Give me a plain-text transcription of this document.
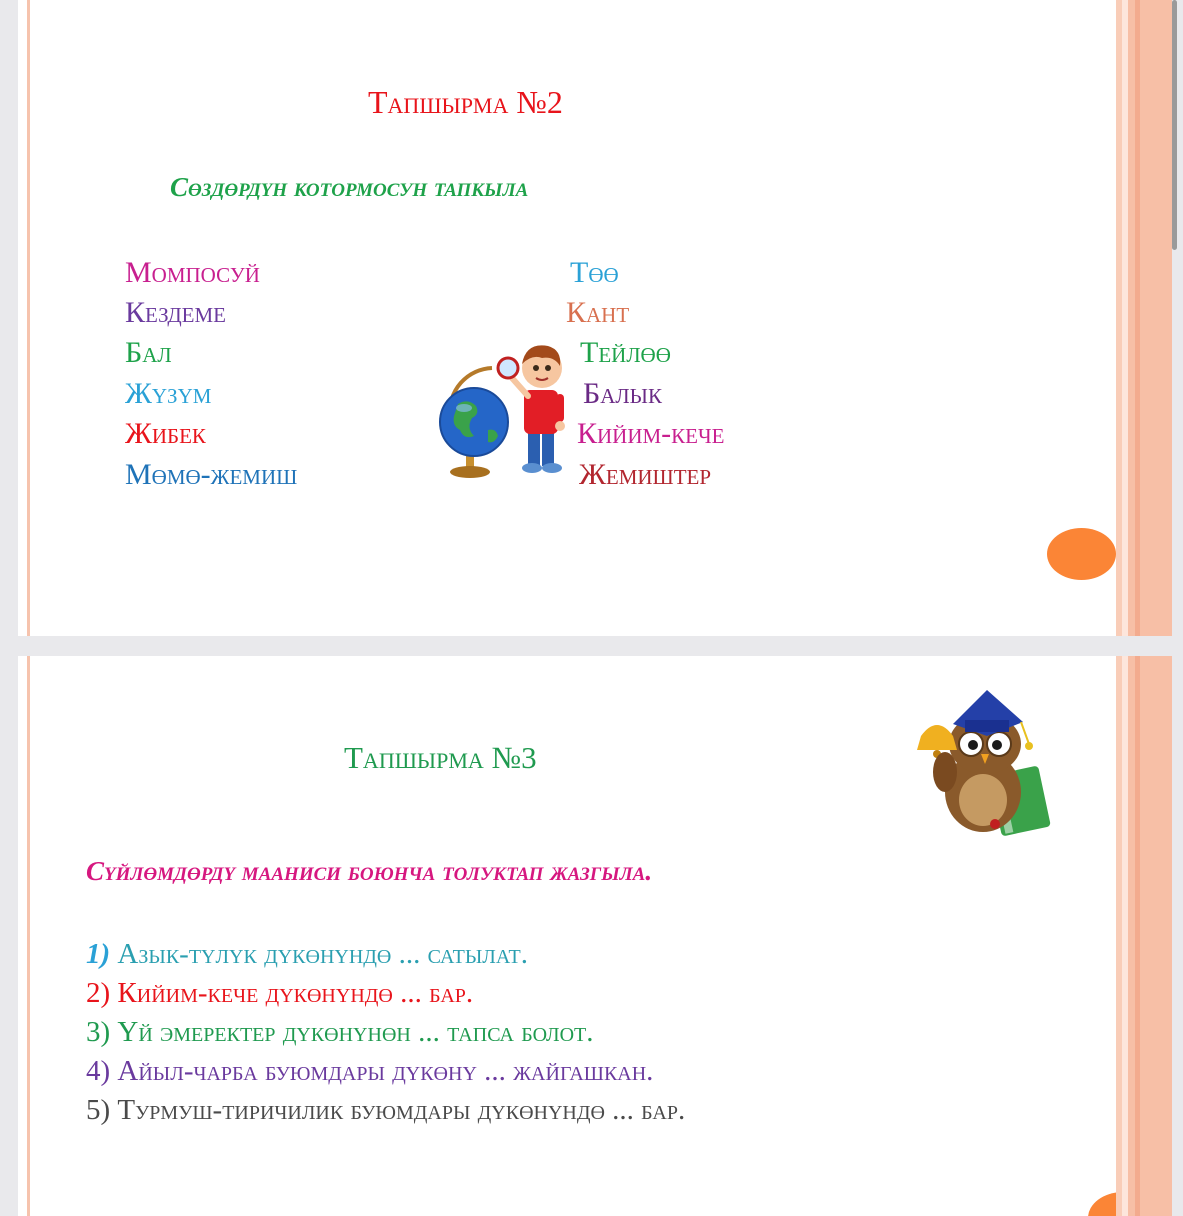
Тапшырма №2
Сөздөрдүн котормосун тапкыла
Момпосуй
Кездеме
Бал
Жүзүм
Жибек
Мөмө-жемиш
Төө
Кант
Тейлөө
Балык
Кийим-кече
Жемиштер
Тапшырма №3
Сүйлөмдөрдү мааниси боюнча толуктап жазгыла.
1) Азык-түлүк дүкөнүндө ... сатылат.
2) Кийим-кече дүкөнүндө ... бар.
3) Үй эмеректер дүкөнүнөн ... тапса болот.
4) Айыл-чарба буюмдары дүкөнү ... жайгашкан.
5) Турмуш-тиричилик буюмдары дүкөнүндө ... бар.
